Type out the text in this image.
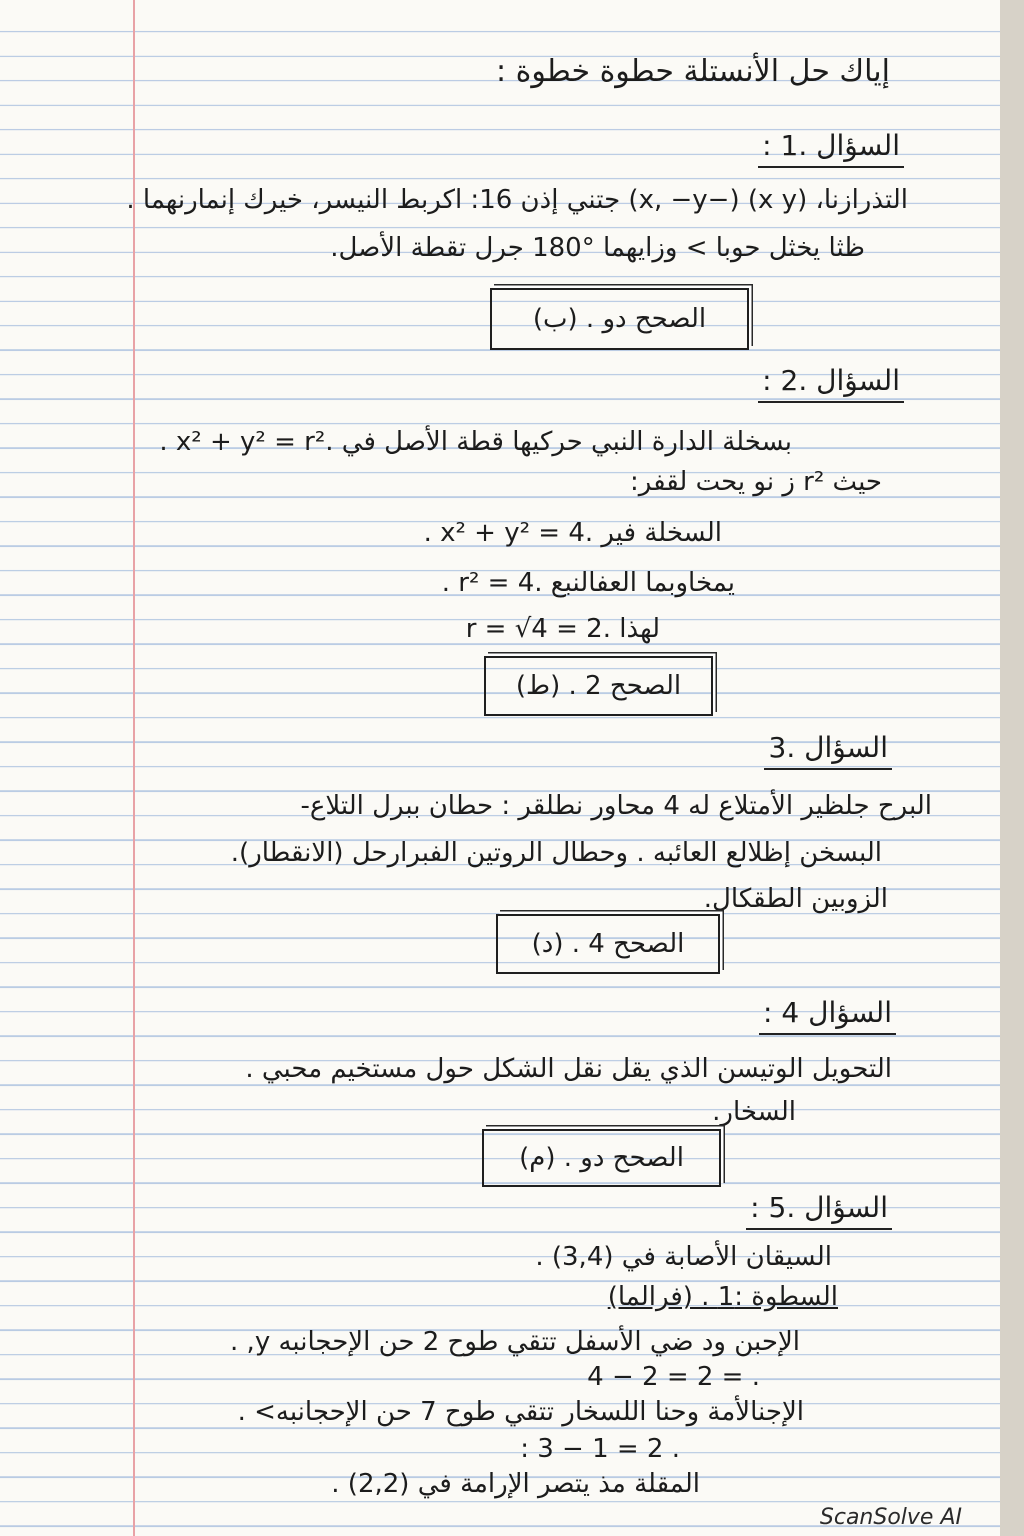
إياك حل الأنستلة حطوة خطوة :
السؤال .1 :
التذرازنا، (x y) (−x, −y) جتني إذن 16: اكربط النيسر، خيرك إنمارنهما .
ظثا يخثل حوبا > وزايهما °180 جرل تقطة الأصل.
الصحح دو . (ب)
السؤال .2 :
بسخلة الدارة النبي حركيها قطة الأصل في .x² + y² = r² .
حيث r² ز نو يحت لقفر:
السخلة فير .x² + y² = 4 .
يمخاوبما العفالنبع .r² = 4 .
لهذا .r = √4 = 2
الصحح 2 . (ط)
السؤال .3
البرح جلظير الأمتلاع له 4 محاور نطلقر : حطان ببرل التلاع-
البسخن إظلالع العائبه . وحطال الروتين الفبرارحل (الانقطار).
الزوبين الطقكال.
الصحح 4 . (د)
السؤال 4 :
التحويل الوتيسن الذي يقل نقل الشكل حول مستخيم محبي .
السخار.
الصحح دو . (م)
السؤال .5 :
السيقان الأصابة في (3,4) .
السطوة :1 . (فرالما)
الإحبن ود ضي الأسفل تتقي طوح 2 حن الإحجانبه y, .
4 − 2 = 2 = .
الإجنالأمة وحنا اللسخار تتقي طوح 7 حن الإحجانبه> .
: 3 − 1 = 2 .
المقلة مذ يتصر الإرامة في (2,2) .
ScanSolve AI
